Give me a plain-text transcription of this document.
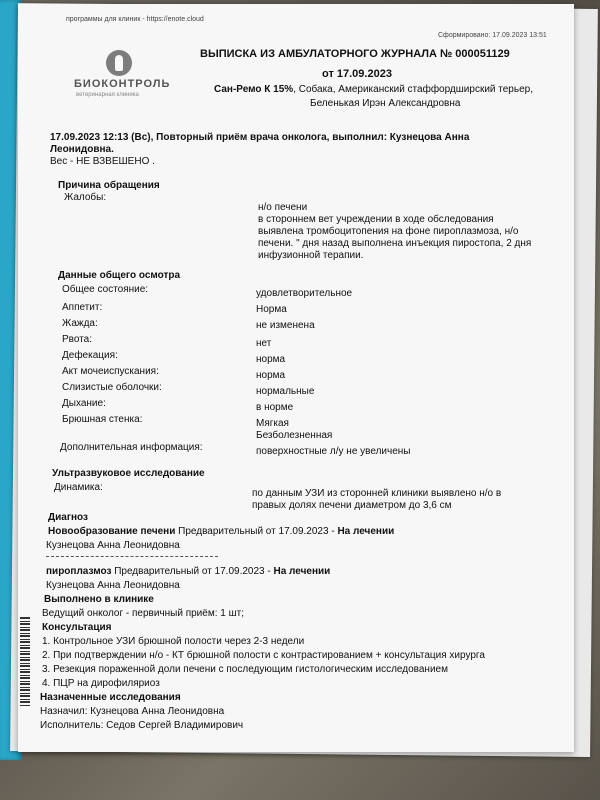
программы для клиник - https://enote.cloud
Сформировано: 17.09.2023 13:51
БИОКОНТРОЛЬ
ветеринарная клиника
ВЫПИСКА ИЗ АМБУЛАТОРНОГО ЖУРНАЛА № 000051129
от 17.09.2023
Сан-Ремо К 15%, Собака, Американский стаффордширский терьер,
Беленькая Ирэн Александровна
17.09.2023 12:13 (Вс), Повторный приём врача онколога, выполнил: Кузнецова Анна
Леонидовна.
Вес - НЕ ВЗВЕШЕНО .
Причина обращения
Жалобы:
н/о печени
в стороннем вет учреждении в ходе обследования
выявлена тромбоцитопения на фоне пироплазмоза, н/о
печени. " дня назад выполнена инъекция пиростопа, 2 дня
инфузионной терапии.
Данные общего осмотра
Общее состояние:	удовлетворительное
Аппетит:	Норма
Жажда:	не изменена
Рвота:	нет
Дефекация:	норма
Акт мочеиспускания:	норма
Слизистые оболочки:	нормальные
Дыхание:	в норме
Брюшная стенка:	Мягкая
Безболезненная
Дополнительная информация:	поверхностные л/у не увеличены
Ультразвуковое исследование
Динамика:
по данным УЗИ из сторонней клиники выявлено н/о в
правых долях печени диаметром до 3,6 см
Диагноз
Новообразование печени Предварительный от 17.09.2023 - На лечении
Кузнецова Анна Леонидовна
пироплазмоз Предварительный от 17.09.2023 - На лечении
Кузнецова Анна Леонидовна
Выполнено в клинике
Ведущий онколог - первичный приём: 1 шт;
Консультация
1. Контрольное УЗИ брюшной полости через 2-3 недели
2. При подтверждении н/о - КТ брюшной полости с контрастированием + консультация хирурга
3. Резекция пораженной доли печени с последующим гистологическим исследованием
4. ПЦР на дирофиляриоз
Назначенные исследования
Назначил: Кузнецова Анна Леонидовна
Исполнитель: Седов Сергей Владимирович
